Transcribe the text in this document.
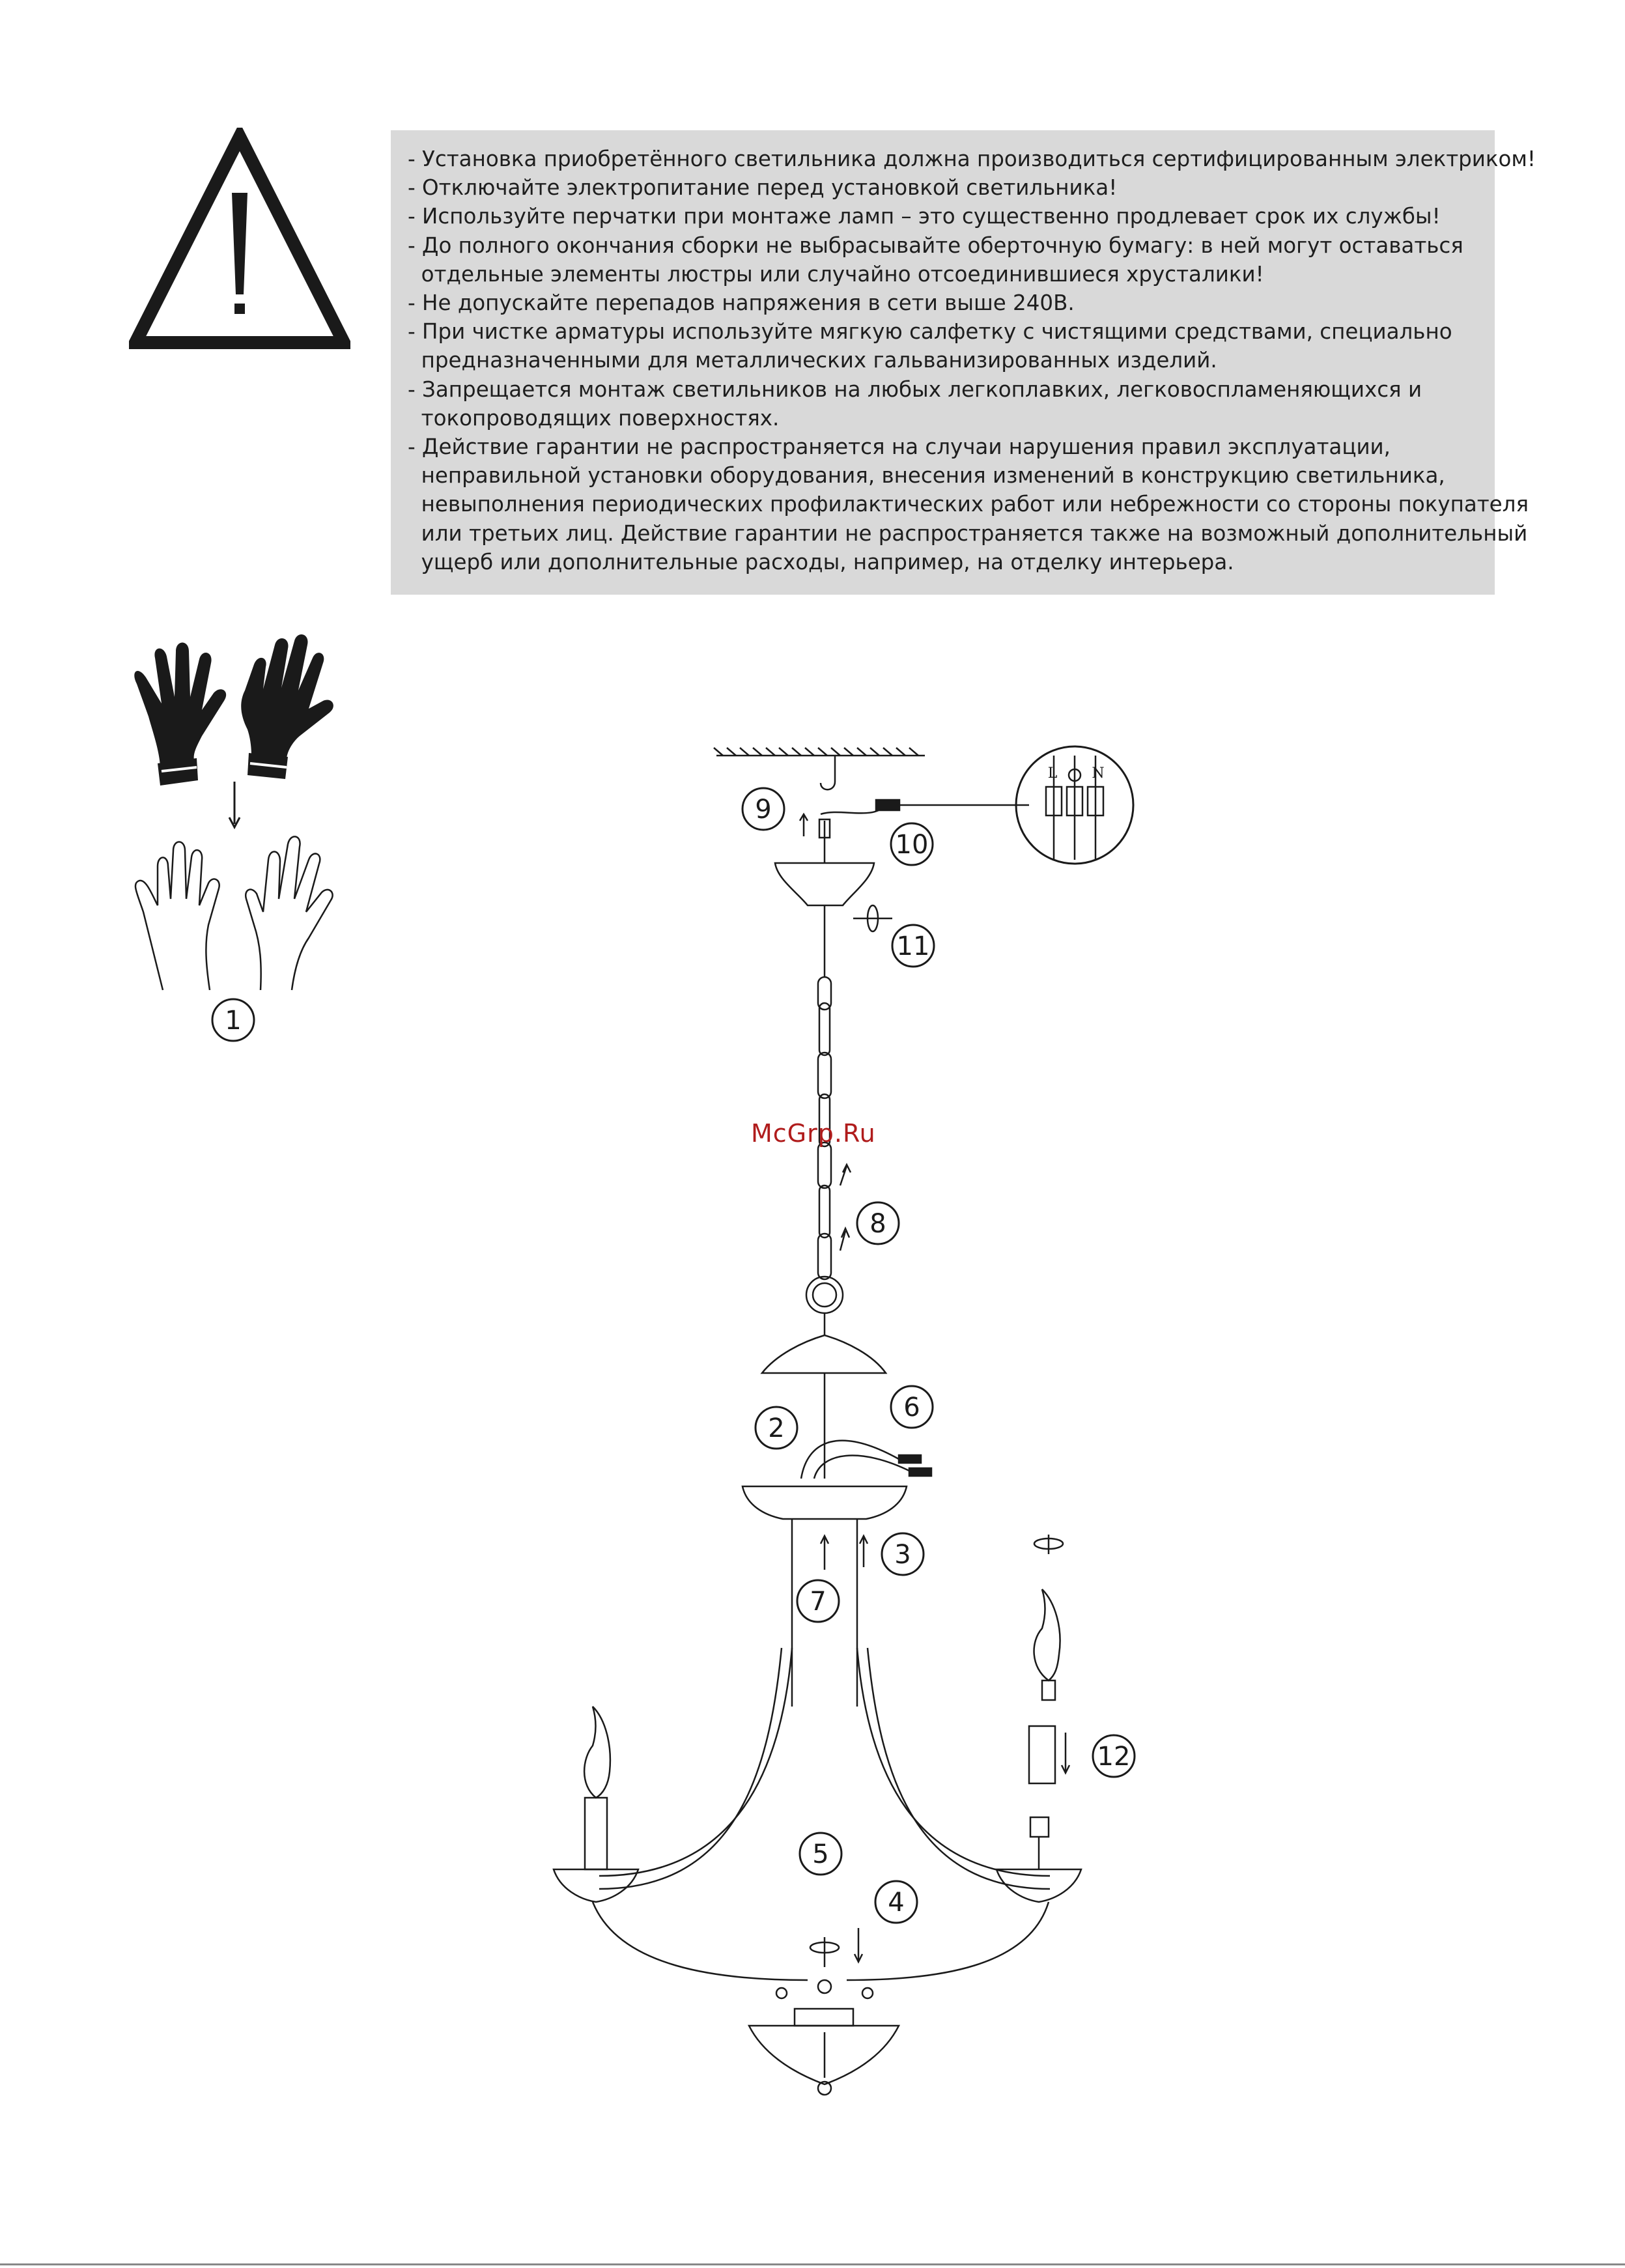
- Установка приобретённого светильника должна производиться сертифицированным электриком!
- Отключайте электропитание перед установкой светильника!
- Используйте перчатки при монтаже ламп – это существенно продлевает срок их службы!
- До полного окончания сборки не выбрасывайте оберточную бумагу: в ней могут оставаться
отдельные элементы люстры или случайно отсоединившиеся хрусталики!
- Не допускайте перепадов напряжения в сети выше 240В.
- При чистке арматуры используйте мягкую салфетку с чистящими средствами, специально
предназначенными для металлических гальванизированных изделий.
- Запрещается монтаж светильников на любых легкоплавких, легковоспламеняющихся и
токопроводящих поверхностях.
- Действие гарантии не распространяется на случаи нарушения правил эксплуатации,
неправильной установки оборудования, внесения изменений в конструкцию светильника,
невыполнения периодических профилактических работ или небрежности со стороны покупателя
или третьих лиц. Действие гарантии не распространяется также на возможный дополнительный
ущерб или дополнительные расходы, например, на отделку интерьера.
1
L N
9
10
11
8
2
6
3
7
12
5
4
McGrp.Ru
